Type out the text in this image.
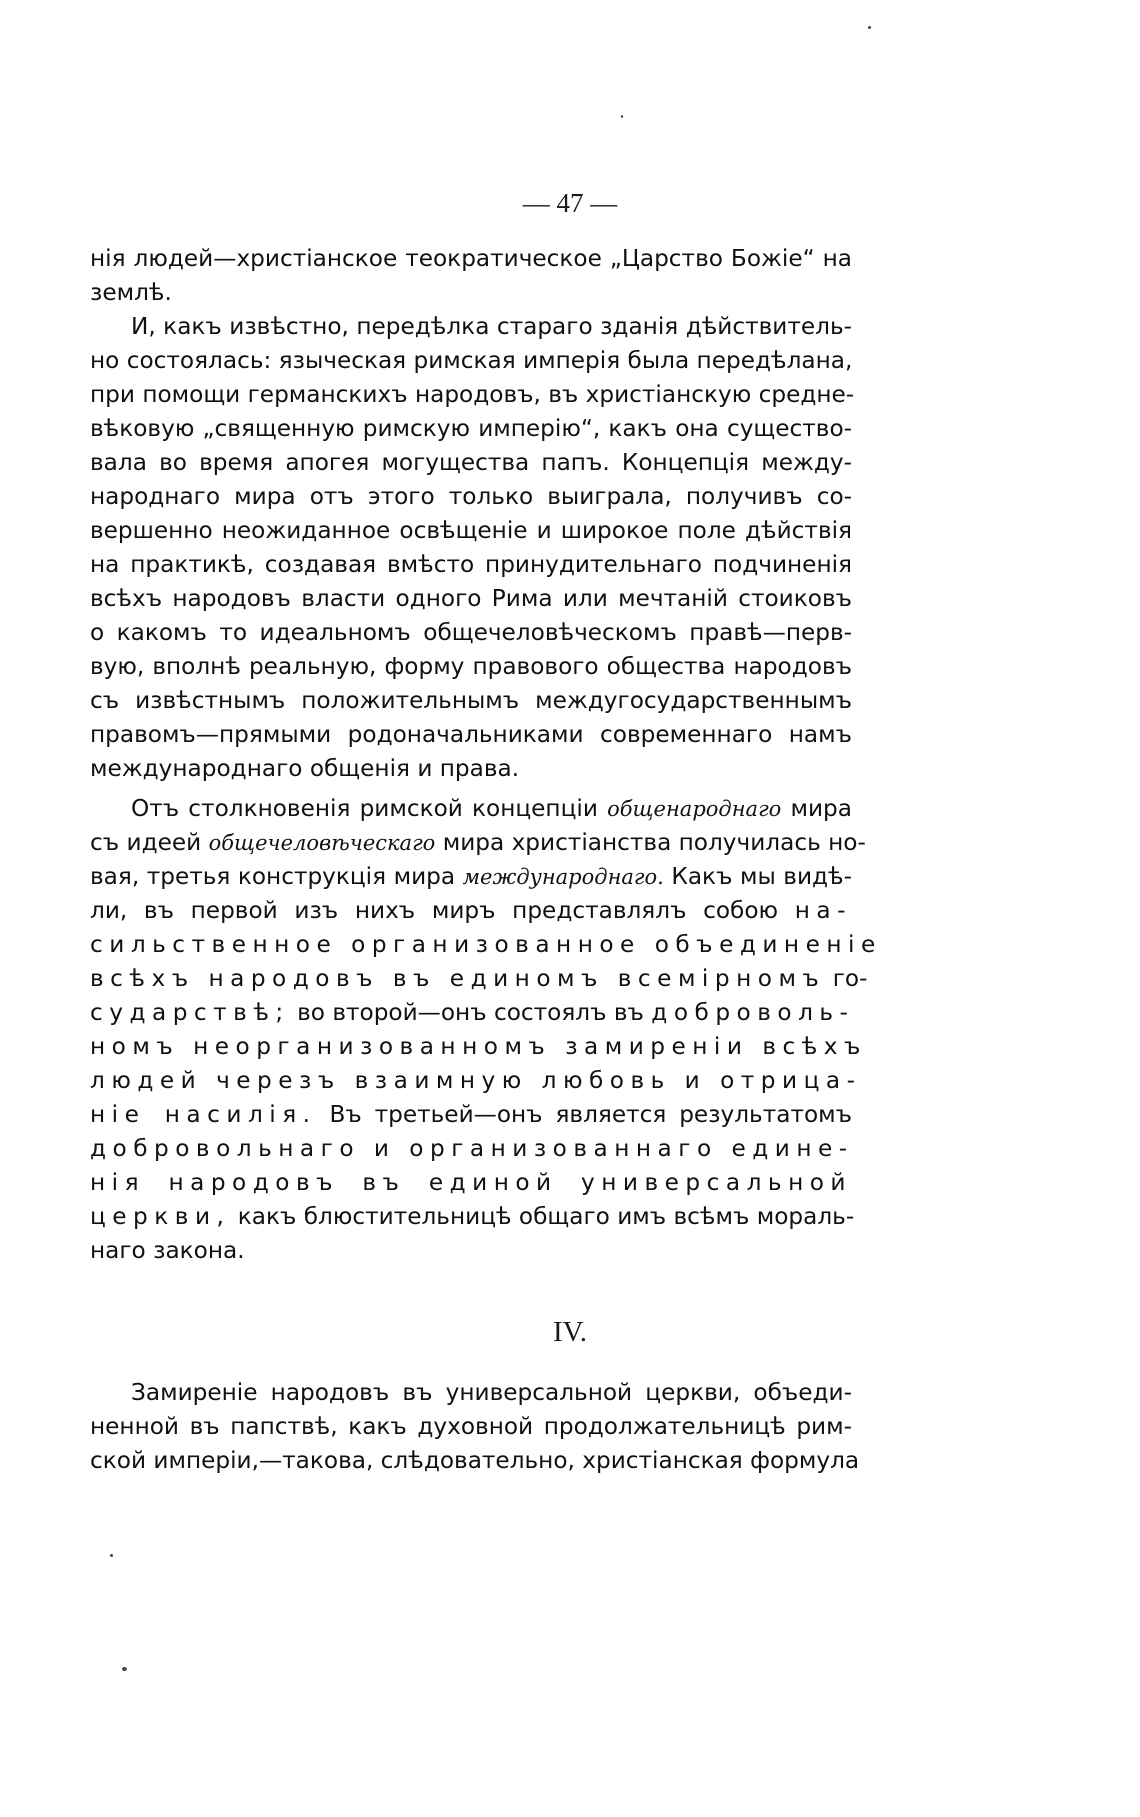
— 47 —
нія людей—христіанское теократическое „Царство Божіе“ на
землѣ.
И, какъ извѣстно, передѣлка стараго зданія дѣйствитель-
но состоялась: языческая римская имперія была передѣлана,
при помощи германскихъ народовъ, въ христіанскую средне-
вѣковую „священную римскую имперію“, какъ она существо-
вала во время апогея могущества папъ. Концепція между-
народнаго мира отъ этого только выиграла, получивъ со-
вершенно неожиданное освѣщеніе и широкое поле дѣйствія
на практикѣ, создавая вмѣсто принудительнаго подчиненія
всѣхъ народовъ власти одного Рима или мечтаній стоиковъ
о какомъ то идеальномъ общечеловѣческомъ правѣ—перв-
вую, вполнѣ реальную, форму правового общества народовъ
съ извѣстнымъ положительнымъ междугосударственнымъ
правомъ—прямыми родоначальниками современнаго намъ
международнаго общенія и права.
Отъ столкновенія римской концепціи общенароднаго мира
съ идеей общечеловѣческаго мира христіанства получилась но-
вая, третья конструкція мира международнаго. Какъ мы видѣ-
ли, въ первой изъ нихъ миръ представлялъ собою на-
сильственное организованное объединеніе
всѣхъ народовъ въ единомъ всемірномъ го-
сударствѣ; во второй—онъ состоялъ въ доброволь-
номъ неорганизованномъ замиреніи всѣхъ
людей черезъ взаимную любовь и отрица-
ніе насилія. Въ третьей—онъ является результатомъ
добровольнаго и организованнаго едине-
нія народовъ въ единой универсальной
церкви, какъ блюстительницѣ общаго имъ всѣмъ мораль-
наго закона.
IV.
Замиреніе народовъ въ универсальной церкви, объеди-
ненной въ папствѣ, какъ духовной продолжательницѣ рим-
ской имперіи,—такова, слѣдовательно, христіанская формула
